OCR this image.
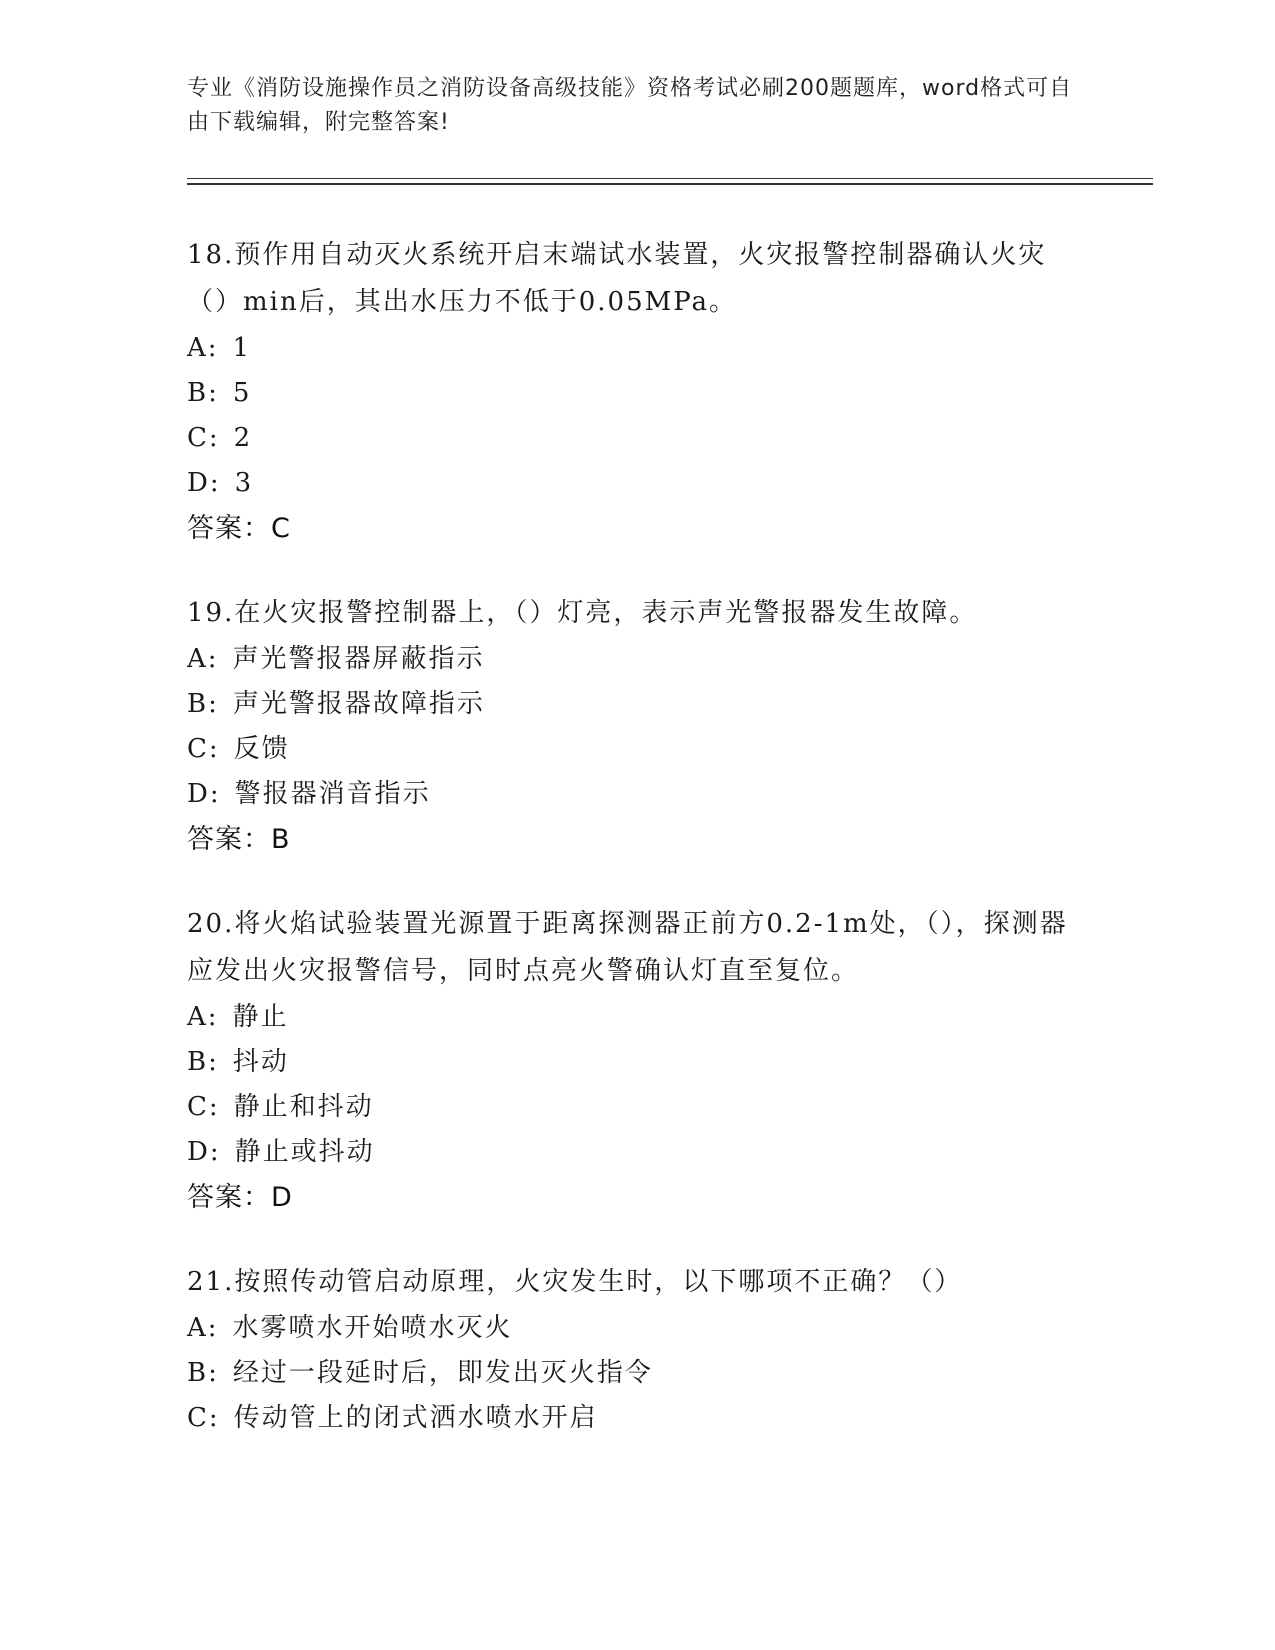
专业《消防设施操作员之消防设备高级技能》资格考试必刷200题题库，word格式可自由下载编辑，附完整答案!
18.预作用自动灭火系统开启末端试水装置，火灾报警控制器确认火灾（）min后，其出水压力不低于0.05MPa。
A: 1
B: 5
C: 2
D: 3
答案：C
19.在火灾报警控制器上，（）灯亮，表示声光警报器发生故障。
A: 声光警报器屏蔽指示
B: 声光警报器故障指示
C: 反馈
D: 警报器消音指示
答案：B
20.将火焰试验装置光源置于距离探测器正前方0.2-1m处，（），探测器应发出火灾报警信号，同时点亮火警确认灯直至复位。
A: 静止
B: 抖动
C: 静止和抖动
D: 静止或抖动
答案：D
21.按照传动管启动原理，火灾发生时，以下哪项不正确？（）
A: 水雾喷水开始喷水灭火
B: 经过一段延时后，即发出灭火指令
C: 传动管上的闭式洒水喷水开启
